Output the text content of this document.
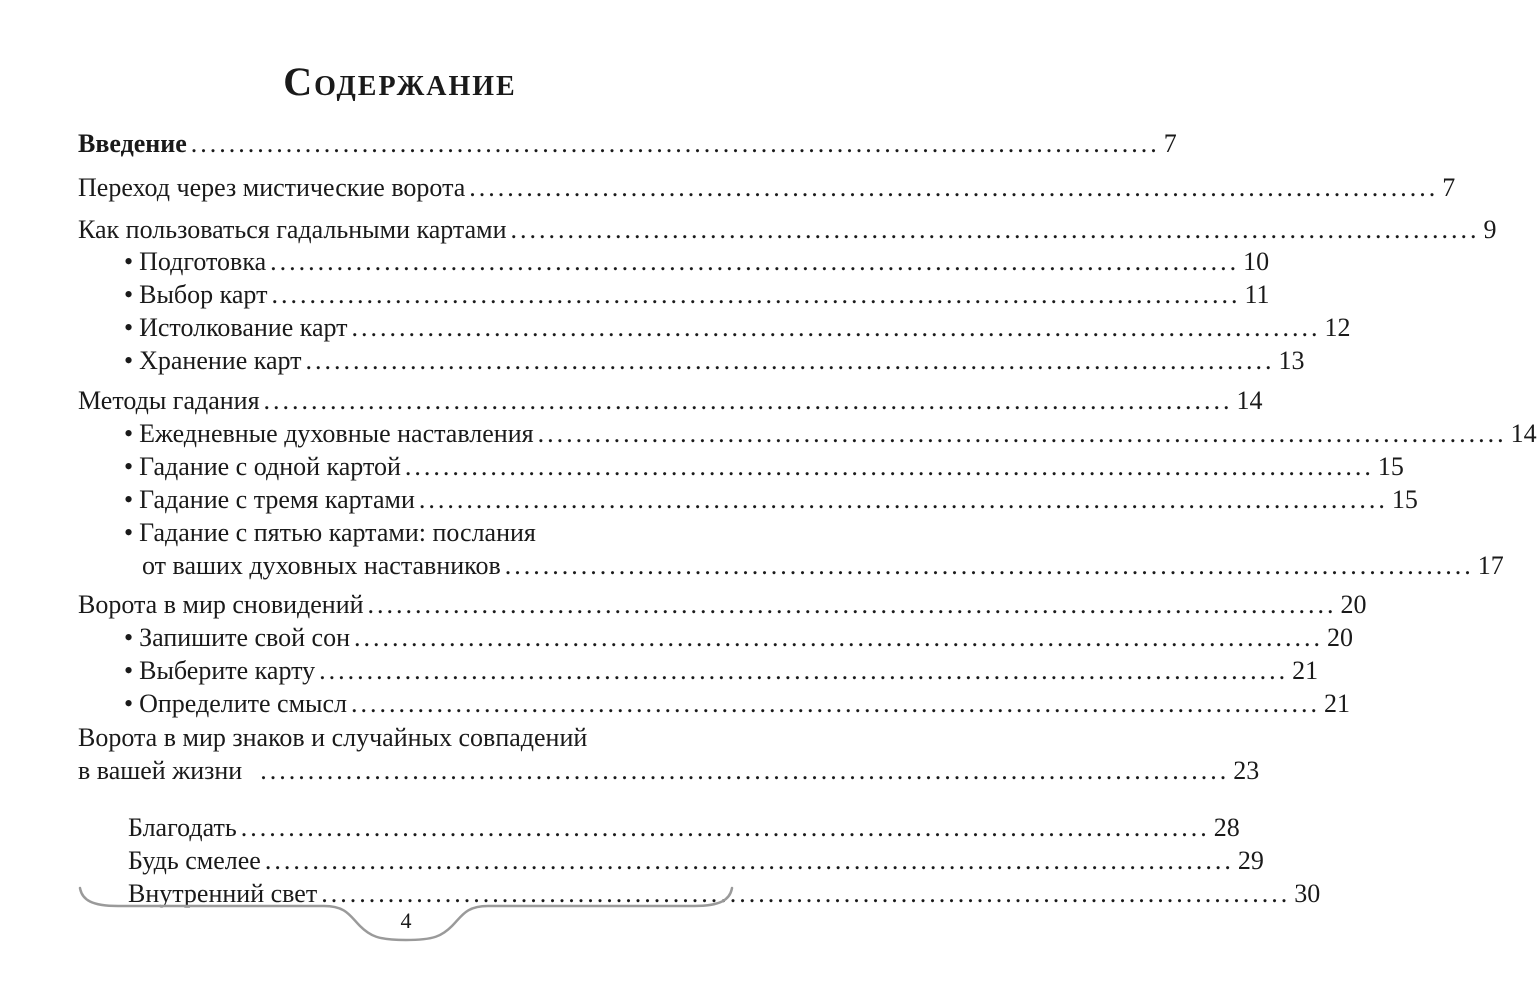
Содержание
Введение ...................................................................................................... 7
Переход через мистические ворота ...................................................................................................... 7
Как пользоваться гадальными картами ...................................................................................................... 9
• Подготовка ...................................................................................................... 10
• Выбор карт ...................................................................................................... 11
• Истолкование карт ...................................................................................................... 12
• Хранение карт ...................................................................................................... 13
Методы гадания ...................................................................................................... 14
• Ежедневные духовные наставления ...................................................................................................... 14
• Гадание с одной картой ...................................................................................................... 15
• Гадание с тремя картами ...................................................................................................... 15
• Гадание с пятью картами: послания
от ваших духовных наставников ...................................................................................................... 17
Ворота в мир сновидений ...................................................................................................... 20
• Запишите свой сон ...................................................................................................... 20
• Выберите карту ...................................................................................................... 21
• Определите смысл ...................................................................................................... 21
Ворота в мир знаков и случайных совпадений
в вашей жизни ...................................................................................................... 23
Благодать ...................................................................................................... 28
Будь смелее ...................................................................................................... 29
Внутренний свет ...................................................................................................... 30
4
